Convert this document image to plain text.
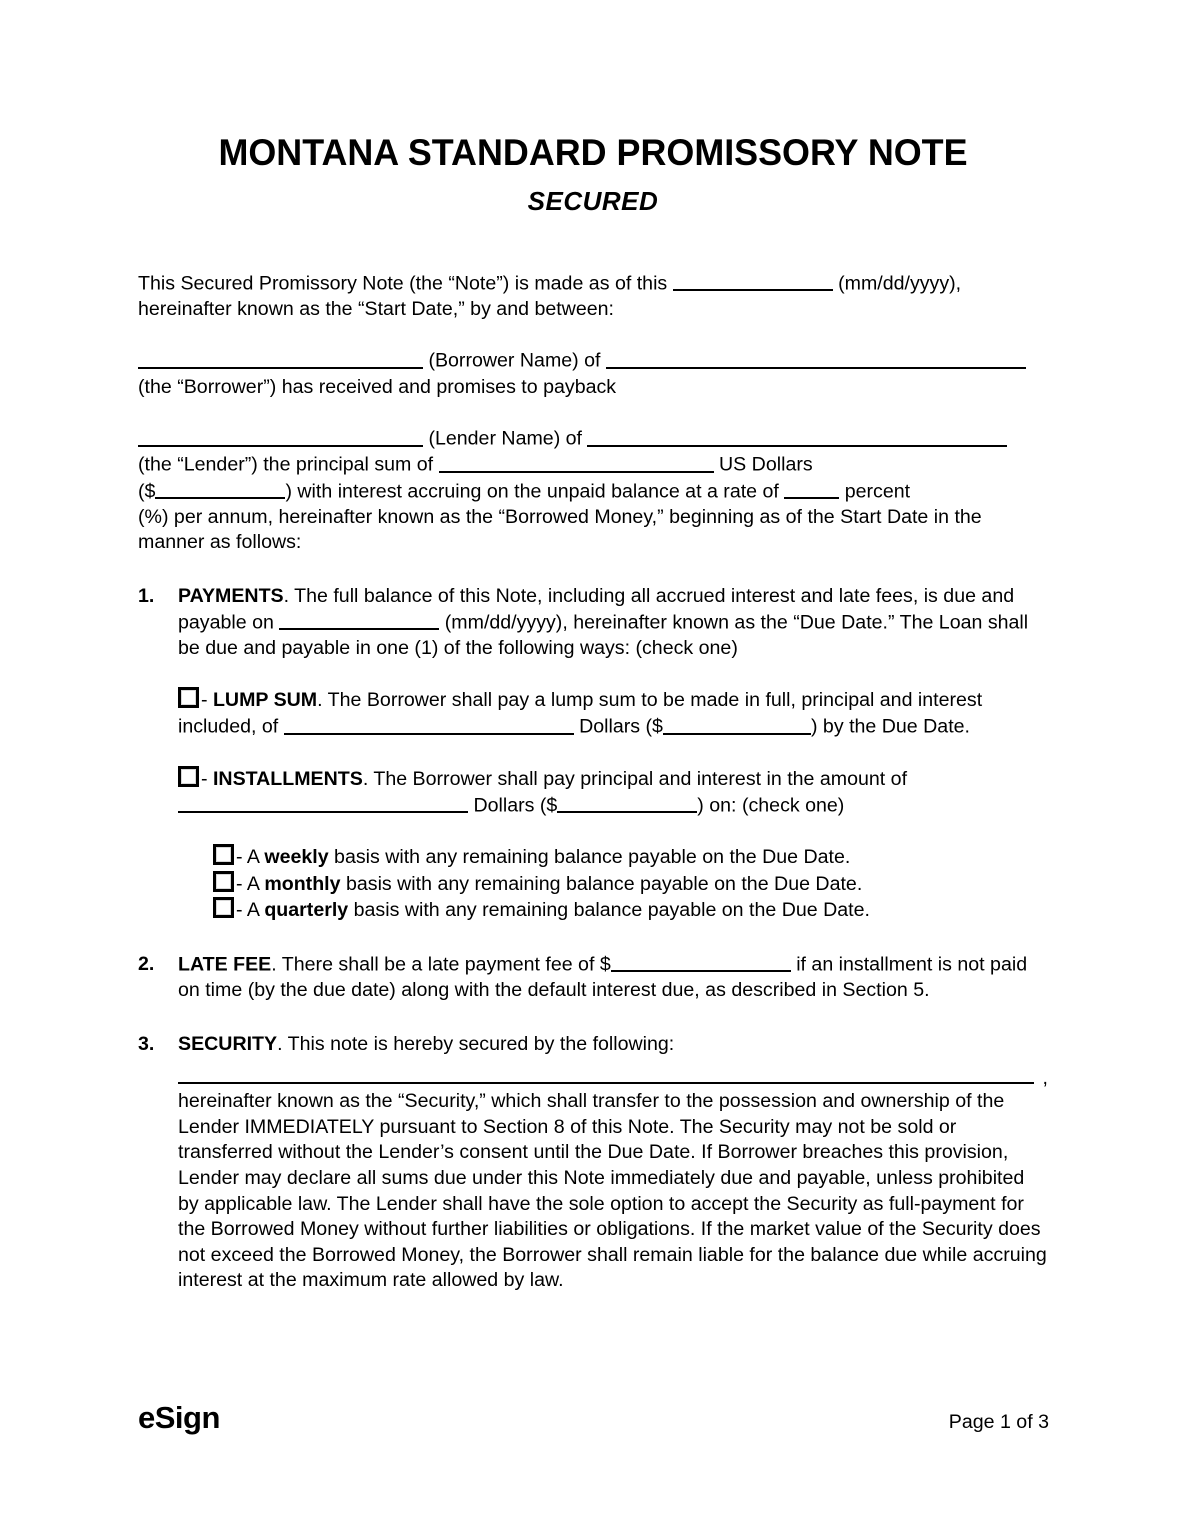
MONTANA STANDARD PROMISSORY NOTE
SECURED

This Secured Promissory Note (the “Note”) is made as of this	(mm/dd/yyyy), hereinafter known as the “Start Date,” by and between:

(Borrower Name) of

(the “Borrower”) has received and promises to payback

(Lender Name) of

(the “Lender”) the principal sum of	US Dollars

($	) with interest accruing on the unpaid balance at a rate of	percent

(%) per annum, hereinafter known as the “Borrowed Money,” beginning as of the Start Date in the manner as follows:

1.	PAYMENTS. The full balance of this Note, including all accrued interest and late fees, is due and payable on	(mm/dd/yyyy), hereinafter known as the “Due Date.” The Loan shall be due and payable in one (1) of the following ways: (check one)

- LUMP SUM. The Borrower shall pay a lump sum to be made in full, principal and interest included, of	Dollars ($	) by the Due Date.

- INSTALLMENTS. The Borrower shall pay principal and interest in the amount of  Dollars ($	) on: (check one)

- A weekly basis with any remaining balance payable on the Due Date.

- A monthly basis with any remaining balance payable on the Due Date.

- A quarterly basis with any remaining balance payable on the Due Date.

2.	LATE FEE. There shall be a late payment fee of $	if an installment is not paid on time (by the due date) along with the default interest due, as described in Section 5.
3.	SECURITY. This note is hereby secured by the following:
,

hereinafter known as the “Security,” which shall transfer to the possession and ownership of the Lender IMMEDIATELY pursuant to Section 8 of this Note. The Security may not be sold or transferred without the Lender’s consent until the Due Date. If Borrower breaches this provision, Lender may declare all sums due under this Note immediately due and payable, unless prohibited by applicable law. The Lender shall have the sole option to accept the Security as full-payment for the Borrowed Money without further liabilities or obligations. If the market value of the Security does not exceed the Borrowed Money, the Borrower shall remain liable for the balance due while accruing interest at the maximum rate allowed by law.

eSign	Page 1 of 3
